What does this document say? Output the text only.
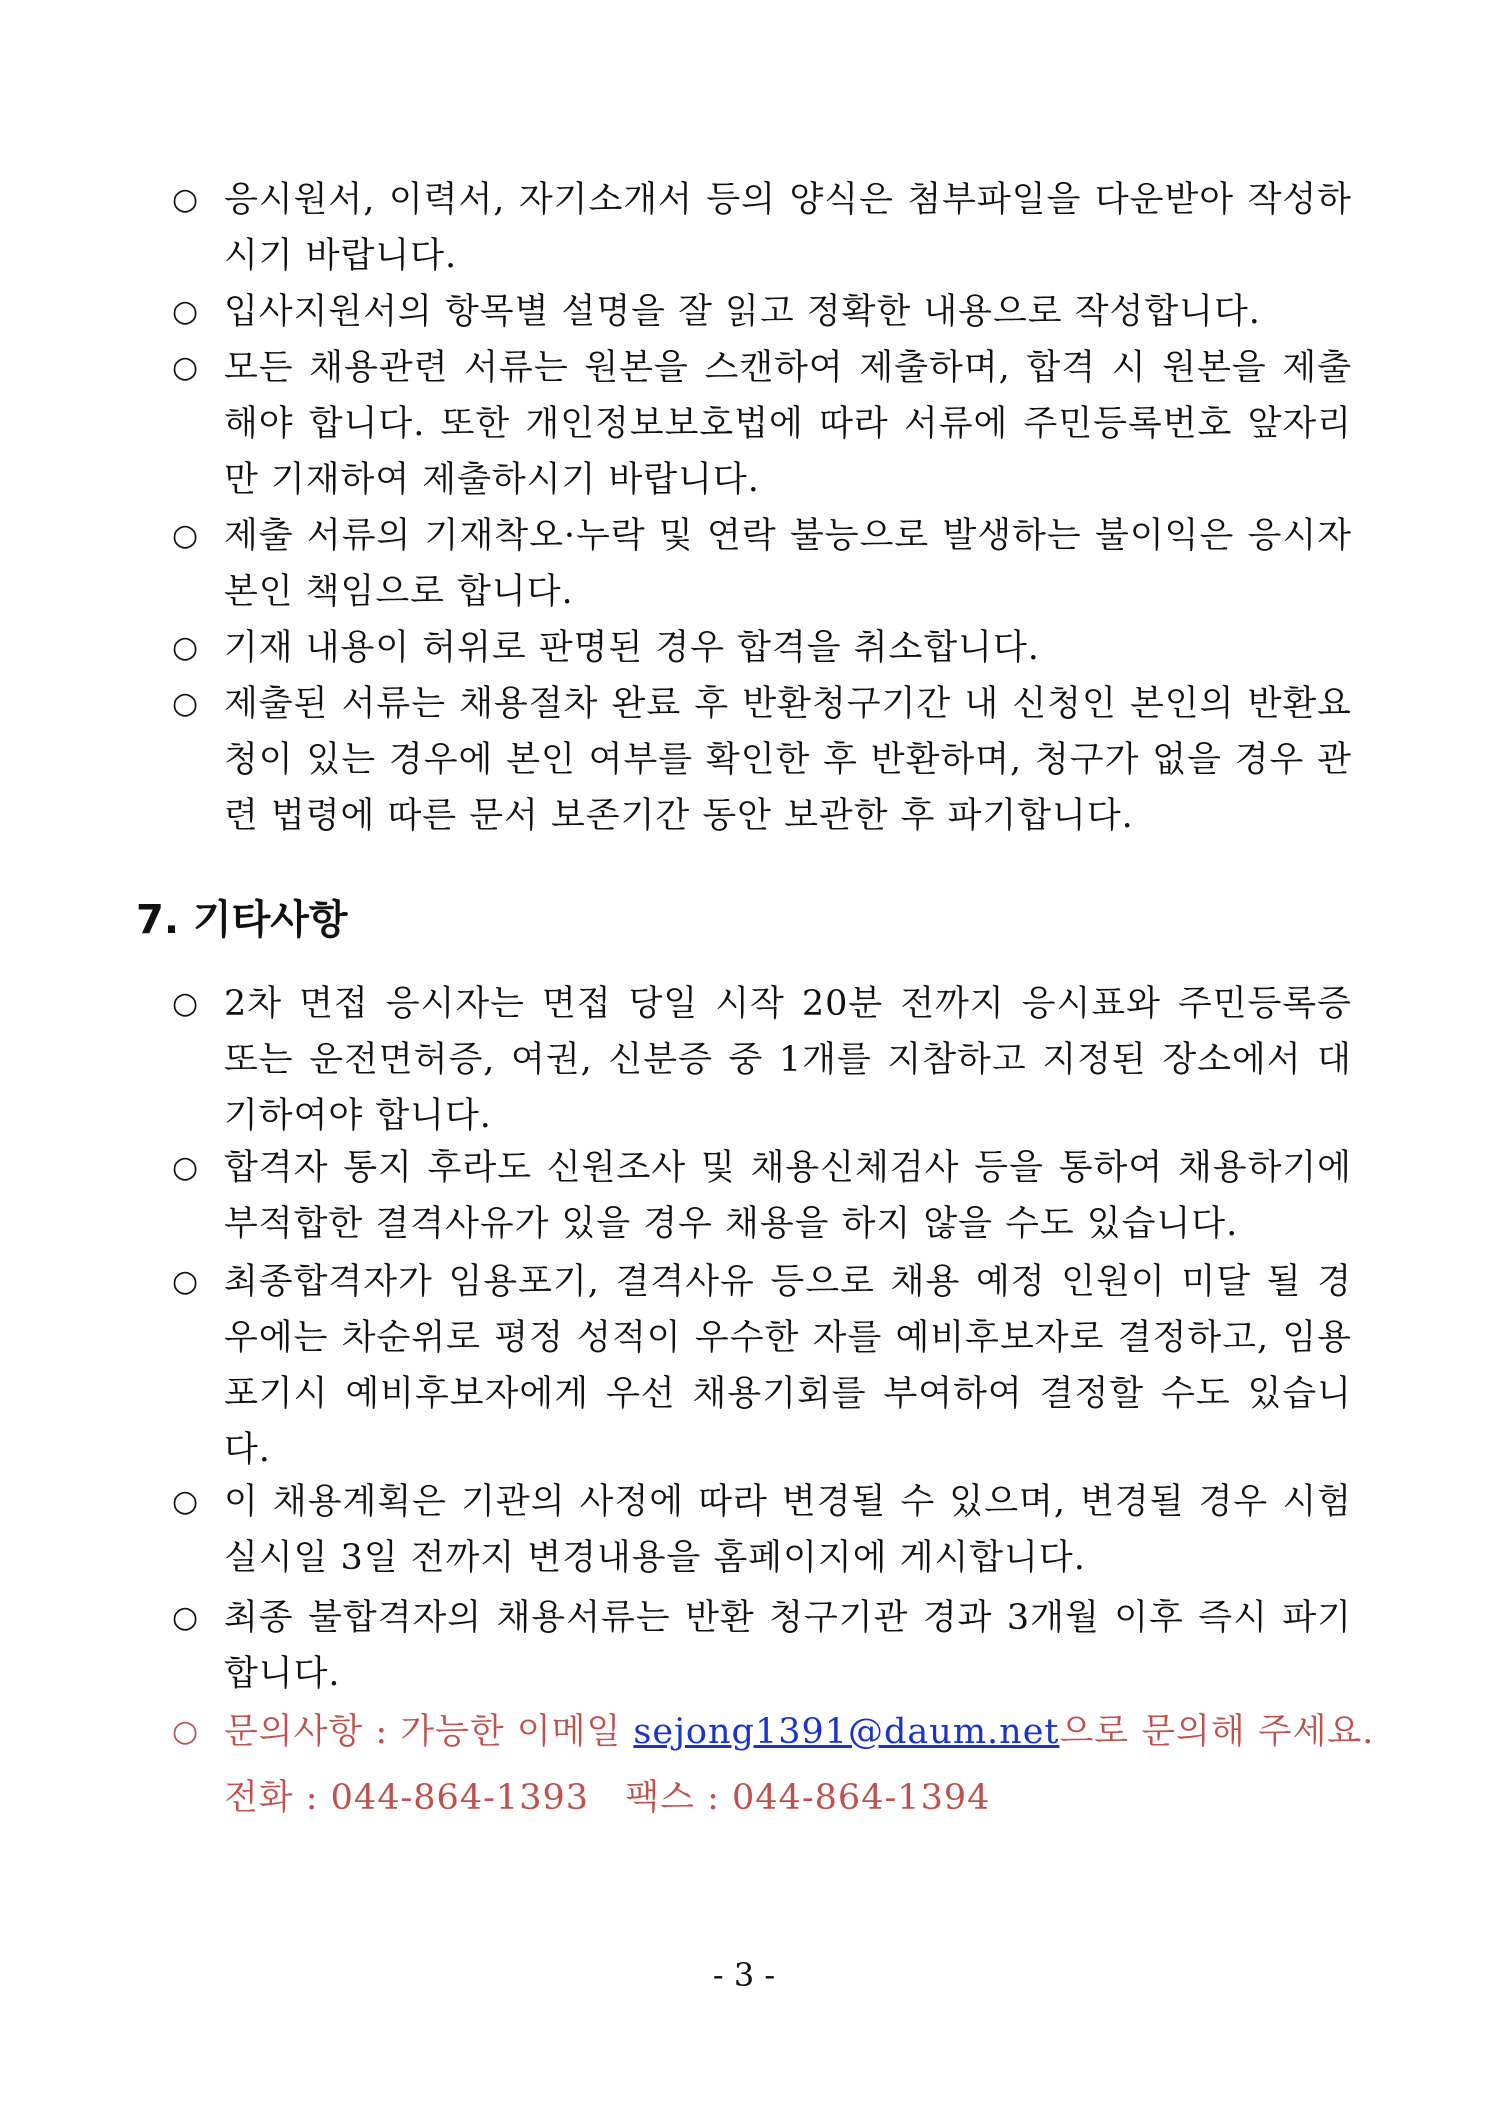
○ 응시원서, 이력서, 자기소개서 등의 양식은 첨부파일을 다운받아 작성하시기 바랍니다.
○ 입사지원서의 항목별 설명을 잘 읽고 정확한 내용으로 작성합니다.
○ 모든 채용관련 서류는 원본을 스캔하여 제출하며, 합격 시 원본을 제출해야 합니다. 또한 개인정보보호법에 따라 서류에 주민등록번호 앞자리만 기재하여 제출하시기 바랍니다.
○ 제출 서류의 기재착오·누락 및 연락 불능으로 발생하는 불이익은 응시자 본인 책임으로 합니다.
○ 기재 내용이 허위로 판명된 경우 합격을 취소합니다.
○ 제출된 서류는 채용절차 완료 후 반환청구기간 내 신청인 본인의 반환요청이 있는 경우에 본인 여부를 확인한 후 반환하며, 청구가 없을 경우 관련 법령에 따른 문서 보존기간 동안 보관한 후 파기합니다.
7. 기타사항
○ 2차 면접 응시자는 면접 당일 시작 20분 전까지 응시표와 주민등록증 또는 운전면허증, 여권, 신분증 중 1개를 지참하고 지정된 장소에서 대기하여야 합니다.
○ 합격자 통지 후라도 신원조사 및 채용신체검사 등을 통하여 채용하기에 부적합한 결격사유가 있을 경우 채용을 하지 않을 수도 있습니다.
○ 최종합격자가 임용포기, 결격사유 등으로 채용 예정 인원이 미달 될 경우에는 차순위로 평정 성적이 우수한 자를 예비후보자로 결정하고, 임용포기시 예비후보자에게 우선 채용기회를 부여하여 결정할 수도 있습니다.
○ 이 채용계획은 기관의 사정에 따라 변경될 수 있으며, 변경될 경우 시험실시일 3일 전까지 변경내용을 홈페이지에 게시합니다.
○ 최종 불합격자의 채용서류는 반환 청구기관 경과 3개월 이후 즉시 파기합니다.
○ 문의사항 : 가능한 이메일 sejong1391@daum.net으로 문의해 주세요.
전화 : 044-864-1393   팩스 : 044-864-1394
- 3 -
